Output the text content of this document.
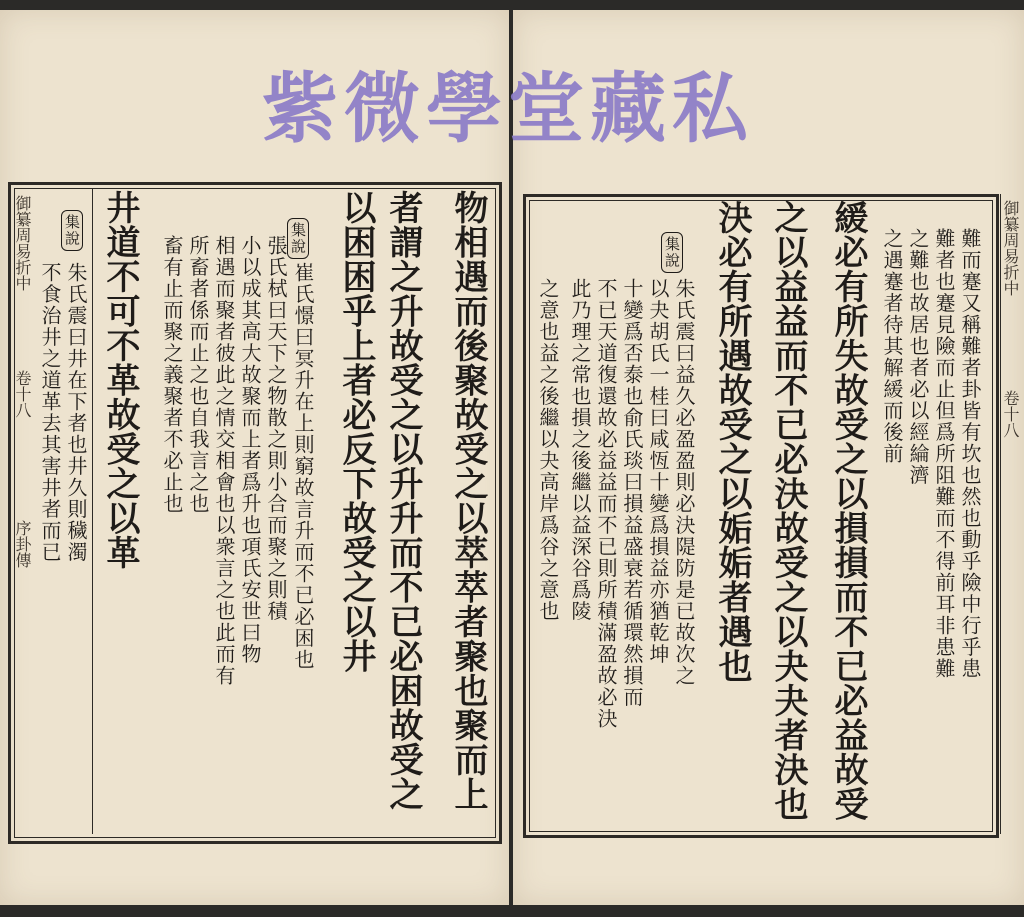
紫微學堂藏私
御纂周易折中
卷十八
序卦傳	物相遇而後聚故受之以萃萃者聚也聚而上
者謂之升故受之以升升而不已必困故受之
以困困乎上者必反下故受之以井
井道不可不革故受之以革	集說
崔氏憬曰冥升在上則窮故言升而不已必困也
張氏栻曰天下之物散之則小合而聚之則積
小以成其高大故聚而上者爲升也項氏安世曰物
相遇而聚者彼此之情交相會也以衆言之也此而有
所畜者係而止之也自我言之也
畜有止而聚之義聚者不必止也
集說
朱氏震曰井在下者也井久則穢濁
不食治井之道革去其害井者而已
御纂周易折中
卷十八
難而蹇又稱難者卦皆有坎也然也動乎險中行乎患
難者也蹇見險而止但爲所阻難而不得前耳非患難
之難也故居也者必以經綸濟
之遇蹇者待其解緩而後前
緩必有所失故受之以損損而不已必益故受
之以益益而不已必決故受之以夬夬者決也
決必有所遇故受之以姤姤者遇也
集說
朱氏震曰益久必盈盈則必決隄防是已故次之
以夬胡氏一桂曰咸恆十變爲損益亦猶乾坤
十變爲否泰也俞氏琰曰損益盛衰若循環然損而
不已天道復還故必益益而不已則所積滿盈故必決
此乃理之常也損之後繼以益深谷爲陵
之意也益之後繼以夬高岸爲谷之意也
